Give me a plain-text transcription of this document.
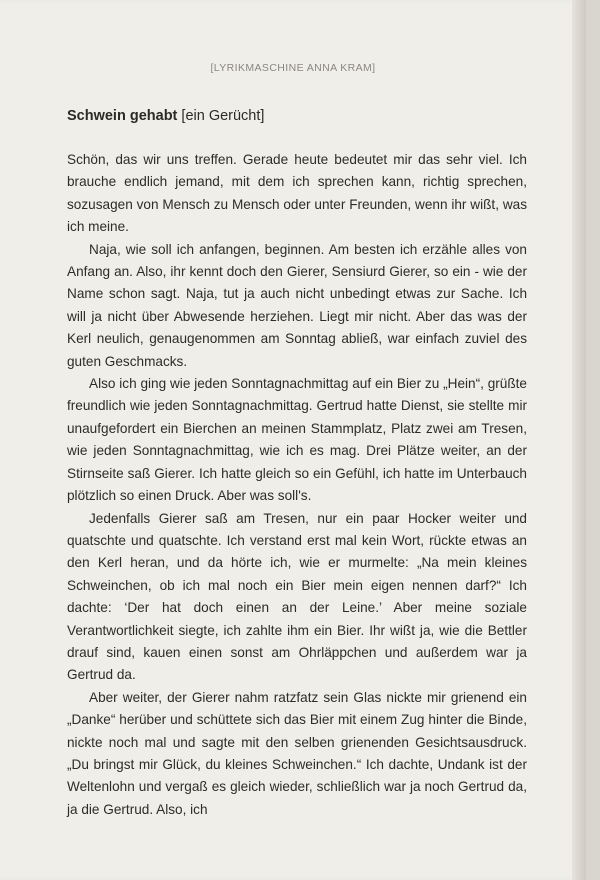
[LYRIKMASCHINE ANNA KRAM]
Schwein gehabt [ein Gerücht]

Schön, das wir uns treffen. Gerade heute bedeutet mir das sehr viel. Ich brauche endlich jemand, mit dem ich sprechen kann, richtig sprechen, sozusagen von Mensch zu Mensch oder unter Freunden, wenn ihr wißt, was ich meine.

Naja, wie soll ich anfangen, beginnen. Am besten ich erzähle alles von Anfang an. Also, ihr kennt doch den Gierer, Sensiurd Gierer, so ein - wie der Name schon sagt. Naja, tut ja auch nicht unbedingt etwas zur Sache. Ich will ja nicht über Abwesende herziehen. Liegt mir nicht. Aber das was der Kerl neulich, genaugenommen am Sonntag abließ, war einfach zuviel des guten Geschmacks.

Also ich ging wie jeden Sonntagnachmittag auf ein Bier zu „Hein“, grüßte freundlich wie jeden Sonntagnachmittag. Gertrud hatte Dienst, sie stellte mir unaufgefordert ein Bierchen an meinen Stammplatz, Platz zwei am Tresen, wie jeden Sonntagnachmittag, wie ich es mag. Drei Plätze weiter, an der Stirnseite saß Gierer. Ich hatte gleich so ein Gefühl, ich hatte im Unterbauch plötzlich so einen Druck. Aber was soll's.

Jedenfalls Gierer saß am Tresen, nur ein paar Hocker weiter und quatschte und quatschte. Ich verstand erst mal kein Wort, rückte etwas an den Kerl heran, und da hörte ich, wie er murmelte: „Na mein kleines Schweinchen, ob ich mal noch ein Bier mein eigen nennen darf?“ Ich dachte: ‘Der hat doch einen an der Leine.’ Aber meine soziale Verantwortlichkeit siegte, ich zahlte ihm ein Bier. Ihr wißt ja, wie die Bettler drauf sind, kauen einen sonst am Ohrläppchen und außerdem war ja Gertrud da.

Aber weiter, der Gierer nahm ratzfatz sein Glas nickte mir grienend ein „Danke“ herüber und schüttete sich das Bier mit einem Zug hinter die Binde, nickte noch mal und sagte mit den selben grienenden Gesichtsausdruck. „Du bringst mir Glück, du kleines Schweinchen.“ Ich dachte, Undank ist der Weltenlohn und vergaß es gleich wieder, schließlich war ja noch Gertrud da, ja die Gertrud. Also, ich
